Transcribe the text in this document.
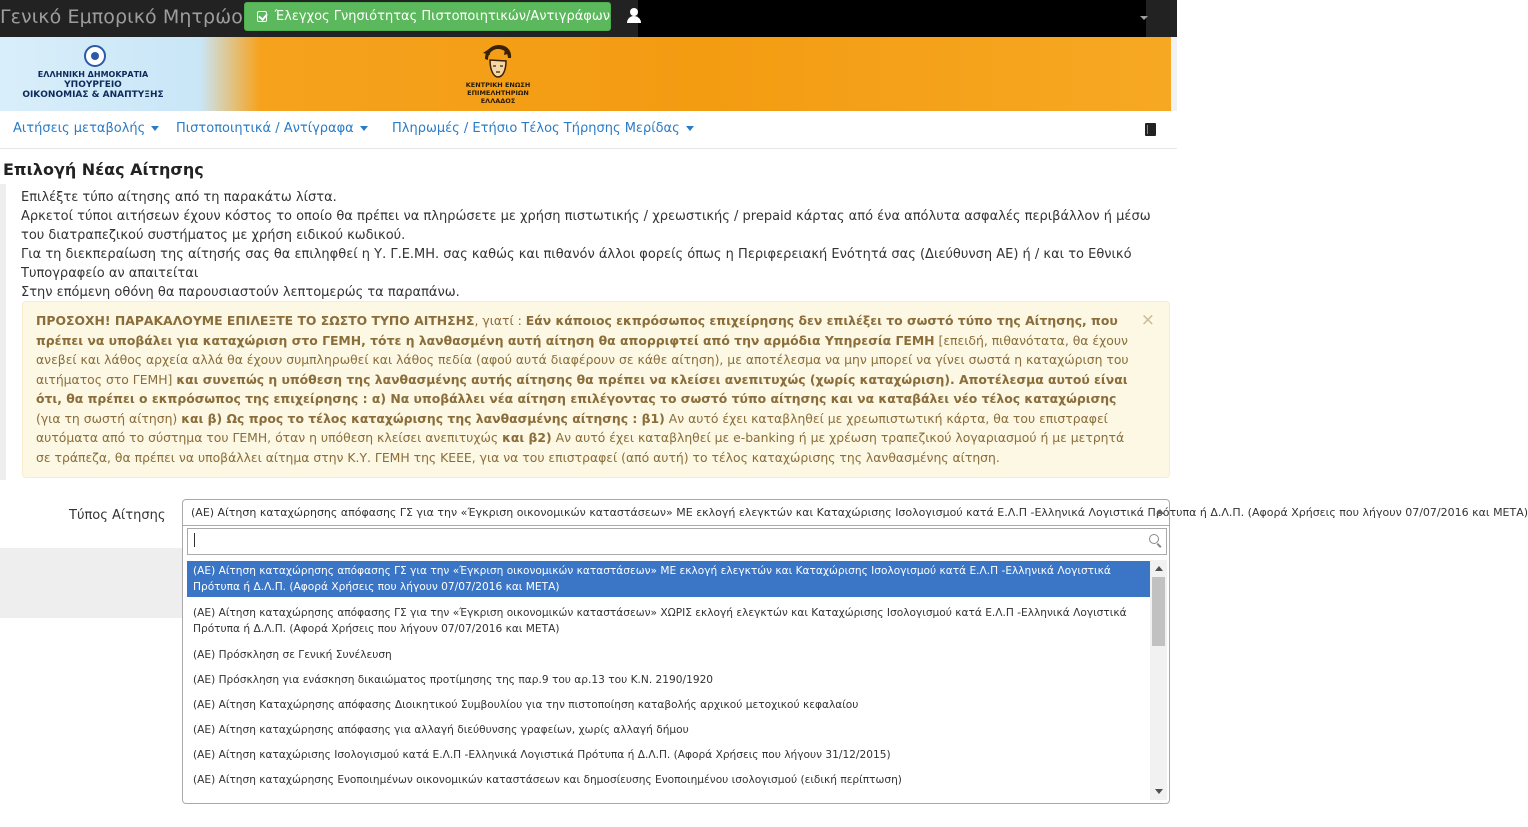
Γενικό Εμπορικό Μητρώο Έλεγχος Γνησιότητας Πιστοποιητικών/Αντιγράφων
ΕΛΛΗΝΙΚΗ ΔΗΜΟΚΡΑΤΙΑ
ΥΠΟΥΡΓΕΙΟ
ΟΙΚΟΝΟΜΙΑΣ & ΑΝΑΠΤΥΞΗΣ
ΚΕΝΤΡΙΚΗ ΕΝΩΣΗ
ΕΠΙΜΕΛΗΤΗΡΙΩΝ
ΕΛΛΑΔΟΣ
Αιτήσεις μεταβολής	Πιστοποιητικά / Αντίγραφα	Πληρωμές / Ετήσιο Τέλος Τήρησης Μερίδας
Επιλογή Νέας Αίτησης

Επιλέξτε τύπο αίτησης από τη παρακάτω λίστα.

Αρκετοί τύποι αιτήσεων έχουν κόστος το οποίο θα πρέπει να πληρώσετε με χρήση πιστωτικής / χρεωστικής / prepaid κάρτας από ένα απόλυτα ασφαλές περιβάλλον ή μέσω του διατραπεζικού συστήματος με χρήση ειδικού κωδικού.

Για τη διεκπεραίωση της αίτησής σας θα επιληφθεί η Υ. Γ.Ε.ΜΗ. σας καθώς και πιθανόν άλλοι φορείς όπως η Περιφερειακή Ενότητά σας (Διεύθυνση ΑΕ) ή / και το Εθνικό Τυπογραφείο αν απαιτείται

Στην επόμενη οθόνη θα παρουσιαστούν λεπτομερώς τα παραπάνω.

×
ΠΡΟΣΟΧΗ! ΠΑΡΑΚΑΛΟΥΜΕ ΕΠΙΛΕΞΤΕ ΤΟ ΣΩΣΤΟ ΤΥΠΟ ΑΙΤΗΣΗΣ, γιατί : Εάν κάποιος εκπρόσωπος επιχείρησης δεν επιλέξει το σωστό τύπο της Αίτησης, που πρέπει να υποβάλει για καταχώριση στο ΓΕΜΗ, τότε η λανθασμένη αυτή αίτηση θα απορριφτεί από την αρμόδια Υπηρεσία ΓΕΜΗ [επειδή, πιθανότατα, θα έχουν ανεβεί και λάθος αρχεία αλλά θα έχουν συμπληρωθεί και λάθος πεδία (αφού αυτά διαφέρουν σε κάθε αίτηση), με αποτέλεσμα να μην μπορεί να γίνει σωστά η καταχώριση του αιτήματος στο ΓΕΜΗ] και συνεπώς η υπόθεση της λανθασμένης αυτής αίτησης θα πρέπει να κλείσει ανεπιτυχώς (χωρίς καταχώριση). Αποτέλεσμα αυτού είναι ότι, θα πρέπει ο εκπρόσωπος της επιχείρησης : α) Να υποβάλλει νέα αίτηση επιλέγοντας το σωστό τύπο αίτησης και να καταβάλει νέο τέλος καταχώρισης (για τη σωστή αίτηση) και β) Ως προς το τέλος καταχώρισης της λανθασμένης αίτησης : β1) Αν αυτό έχει καταβληθεί με χρεωπιστωτική κάρτα, θα του επιστραφεί αυτόματα από το σύστημα του ΓΕΜΗ, όταν η υπόθεση κλείσει ανεπιτυχώς και β2) Αν αυτό έχει καταβληθεί με e-banking ή με χρέωση τραπεζικού λογαριασμού ή με μετρητά σε τράπεζα, θα πρέπει να υποβάλλει αίτημα στην Κ.Υ. ΓΕΜΗ της ΚΕΕΕ, για να του επιστραφεί (από αυτή) το τέλος καταχώρισης της λανθασμένης αίτηση.
Τύπος Αίτησης	(ΑΕ) Αίτηση καταχώρησης απόφασης ΓΣ για την «Έγκριση οικονομικών καταστάσεων» ΜΕ εκλογή ελεγκτών και Καταχώρισης Ισολογισμού κατά Ε.Λ.Π -Ελληνικά Λογιστικά Πρότυπα ή Δ.Λ.Π. (Αφορά Χρήσεις που λήγουν 07/07/2016 και ΜΕΤΑ)
(ΑΕ) Αίτηση καταχώρησης απόφασης ΓΣ για την «Έγκριση οικονομικών καταστάσεων» ΜΕ εκλογή ελεγκτών και Καταχώρισης Ισολογισμού κατά Ε.Λ.Π -Ελληνικά Λογιστικά Πρότυπα ή Δ.Λ.Π. (Αφορά Χρήσεις που λήγουν 07/07/2016 και ΜΕΤΑ)
(ΑΕ) Αίτηση καταχώρησης απόφασης ΓΣ για την «Έγκριση οικονομικών καταστάσεων» ΧΩΡΙΣ εκλογή ελεγκτών και Καταχώρισης Ισολογισμού κατά Ε.Λ.Π -Ελληνικά Λογιστικά Πρότυπα ή Δ.Λ.Π. (Αφορά Χρήσεις που λήγουν 07/07/2016 και ΜΕΤΑ)
(ΑΕ) Πρόσκληση σε Γενική Συνέλευση
(ΑΕ) Πρόσκληση για ενάσκηση δικαιώματος προτίμησης της παρ.9 του αρ.13 του Κ.Ν. 2190/1920
(ΑΕ) Αίτηση Καταχώρησης απόφασης Διοικητικού Συμβουλίου για την πιστοποίηση καταβολής αρχικού μετοχικού κεφαλαίου
(ΑΕ) Αίτηση καταχώρησης απόφασης για αλλαγή διεύθυνσης γραφείων, χωρίς αλλαγή δήμου
(ΑΕ) Αίτηση καταχώρισης Ισολογισμού κατά Ε.Λ.Π -Ελληνικά Λογιστικά Πρότυπα ή Δ.Λ.Π. (Αφορά Χρήσεις που λήγουν 31/12/2015)
(ΑΕ) Αίτηση καταχώρησης Ενοποιημένων οικονομικών καταστάσεων και δημοσίευσης Ενοποιημένου ισολογισμού (ειδική περίπτωση)
